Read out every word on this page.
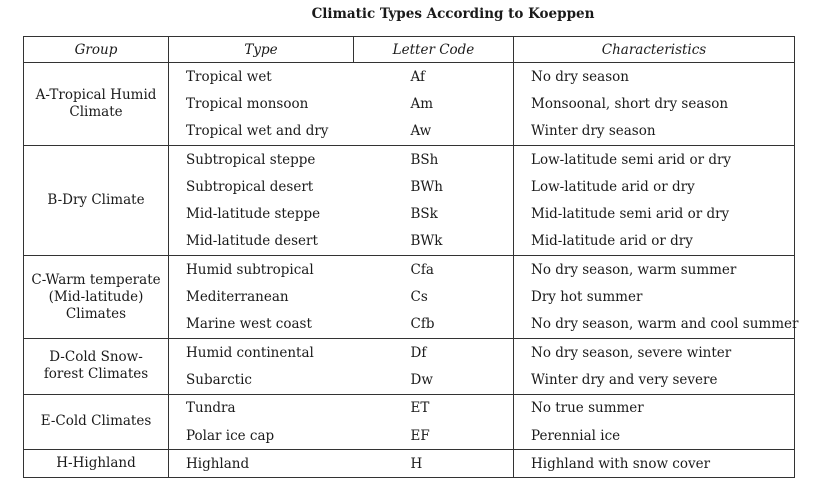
Climatic Types According to Koeppen
Group	Type	Letter Code	Characteristics
A-Tropical Humid Climate	Tropical wet	Af	No dry season
	Tropical monsoon	Am	Monsoonal, short dry season
	Tropical wet and dry	Aw	Winter dry season
B-Dry Climate	Subtropical steppe	BSh	Low-latitude semi arid or dry
	Subtropical desert	BWh	Low-latitude arid or dry
	Mid-latitude steppe	BSk	Mid-latitude semi arid or dry
	Mid-latitude desert	BWk	Mid-latitude arid or dry
C-Warm temperate (Mid-latitude) Climates	Humid subtropical	Cfa	No dry season, warm summer
	Mediterranean	Cs	Dry hot summer
	Marine west coast	Cfb	No dry season, warm and cool summer
D-Cold Snow-forest Climates	Humid continental	Df	No dry season, severe winter
	Subarctic	Dw	Winter dry and very severe
E-Cold Climates	Tundra	ET	No true summer
	Polar ice cap	EF	Perennial ice
H-Highland	Highland	H	Highland with snow cover
